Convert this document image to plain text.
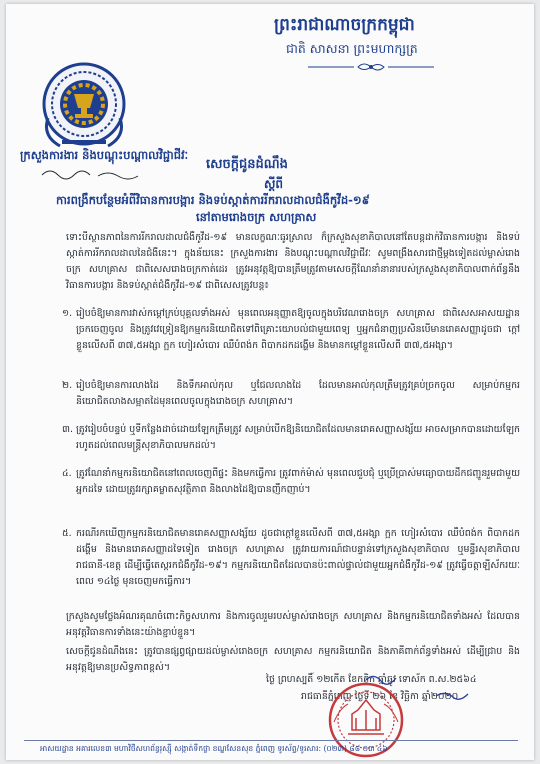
ព្រះរាជាណាចក្រកម្ពុជា
ជាតិ សាសនា ព្រះមហាក្សត្រ
ក្រសួងការងារ និងបណ្តុះបណ្តាលវិជ្ជាជីវៈ
សេចក្តីជូនដំណឹង
ស្តីពី
ការពង្រឹកបន្ថែមអំពីវិធានការបង្ការ និងទប់ស្កាត់ការរីករាលដាលជំងឺកូវីដ-១៩
នៅតាមរោងចក្រ សហគ្រាស
ទោះបីស្ថានភាពនៃការរីករាលដាលជំងឺកូវីដ-១៩ មានលក្ខណៈធូរស្រាល ក៏ក្រសួងសុខាភិបាលនៅតែបន្តដាក់វិធានការបង្ការ និងទប់ស្កាត់ការរីករាលដាលនៃជំងឺនេះ។ ក្នុងន័យនេះ ក្រសួងការងារ និងបណ្តុះបណ្តាលវិជ្ជាជីវៈ សូមពង្រឹងសារជាថ្មីម្តងទៀតដល់ម្ចាស់រោងចក្រ សហគ្រាស ជាពិសេសរោងចក្រកាត់ដេរ ត្រូវអនុវត្តឱ្យបានត្រឹមត្រូវតាមសេចក្តីណែនាំនានារបស់ក្រសួងសុខាភិបាលពាក់ព័ន្ធនឹងវិធានការបង្ការ និងទប់ស្កាត់ជំងឺកូវីដ-១៩ ជាពិសេសត្រូវបន្ត៖
១. រៀបចំឱ្យមានការវាស់កម្តៅក្រប់បុគ្គលទាំងអស់ មុនពេលអនុញ្ញាតឱ្យចូលក្នុងបរិវេណរោងចក្រ សហគ្រាស ជាពិសេសអាសយដ្ឋានច្រកចេញចូល និងត្រូវវេទ្រៀនឱ្យកម្មករនិយោជិតទៅពិគ្រោះយោបល់ជាមួយពេទ្យ ឬអ្នកជំនាញប្រសិនបើមានរោគសញ្ញាដូចជា ក្តៅខ្លួនលើសពី ៣៧,៥អង្សា ក្អក ហៀរសំបោរ ឈឺបំពង់ក ពិបាកដកដង្ហើម និងមានកម្តៅខ្លួនលើសពី ៣៧,៥អង្សា។
២. រៀបចំឱ្យមានការលាងដៃ និងទឹកអាល់កុល ឬជែលលាងដៃ ដែលមានអាល់កុលត្រឹមត្រូវគ្រប់ច្រកចូល សម្រាប់កម្មករនិយោជិតលាងសម្អាតដៃមុនពេលចូលក្នុងរោងចក្រ សហគ្រាស។
៣. ត្រូវរៀបចំបន្ទប់ ឬទីកន្លែងដាច់ដោយឡែកត្រឹមត្រូវ សម្រាប់បើកឱ្យនិយោជិតដែលមានរោគសញ្ញាសង្ស័យ អាចសម្រាកបានដោយឡែក រហូតដល់ពេលមន្ត្រីសុខាភិបាលមកដល់។
៤. ត្រូវណែនាំកម្មករនិយោជិតនៅពេលចេញពីផ្ទះ និងមកធ្វើការ ត្រូវពាក់ម៉ាស់ មុនពេលជួបជុំ ឬប្រើប្រាស់មធ្យោបាយដឹកជញ្ជូនរួមជាមួយអ្នកដទៃ ដោយត្រូវរក្សាគម្លាតសុវត្ថិភាព និងលាងដៃឱ្យបានញឹកញាប់។
៥. ករណីរកឃើញកម្មករនិយោជិតមានរោគសញ្ញាសង្ស័យ ដូចជាក្តៅខ្លួនលើសពី ៣៧,៥អង្សា ក្អក ហៀរសំបោរ ឈឺបំពង់ក ពិបាកដកដង្ហើម និងមានរោគសញ្ញាដទៃទៀត រោងចក្រ សហគ្រាស ត្រូវរាយការណ៍ជាបន្ទាន់ទៅក្រសួងសុខាភិបាល ឬមន្ទីរសុខាភិបាលរាជធានី-ខេត្ត ដើម្បីធ្វើតេស្តរកជំងឺកូវីដ-១៩។ កម្មករនិយោជិតដែលបានប៉ះពាល់ផ្ទាល់ជាមួយអ្នកជំងឺកូវីដ-១៩ ត្រូវធ្វើចត្តាឡីស័ករយៈពេល ១៤ថ្ងៃ មុនចេញមកធ្វើការ។
ក្រសួងសូមថ្លែងអំណរគុណចំពោះកិច្ចសហការ និងការចូលរួមរបស់ម្ចាស់រោងចក្រ សហគ្រាស និងកម្មករនិយោជិតទាំងអស់ ដែលបានអនុវត្តវិធានការទាំងនេះយ៉ាងខ្ជាប់ខ្ជួន។
សេចក្តីជូនដំណឹងនេះ ត្រូវបានផ្សព្វផ្សាយដល់ម្ចាស់រោងចក្រ សហគ្រាស កម្មករនិយោជិត និងភាគីពាក់ព័ន្ធទាំងអស់ ដើម្បីជ្រាប និងអនុវត្តឱ្យមានប្រសិទ្ធភាពខ្ពស់។
ថ្ងៃ ព្រហស្បតិ៍ ១២កើត ខែកត្តិក ឆ្នាំឆ្លូវ ទោស័ក ព.ស.២៥៦៤
រាជធានីភ្នំពេញ ថ្ងៃទី ២៦ ខែ វិច្ឆិកា ឆ្នាំ២០២០
អាសយដ្ឋាន អគារលេខ៣ មហាវិថីសហព័ន្ធរុស្ស៊ី សង្កាត់ទឹកថ្លា ខណ្ឌសែនសុខ ភ្នំពេញ ទូរស័ព្ទ/ទូរសារ: (០២៣) ៨៨ ០៣ ៤៦
